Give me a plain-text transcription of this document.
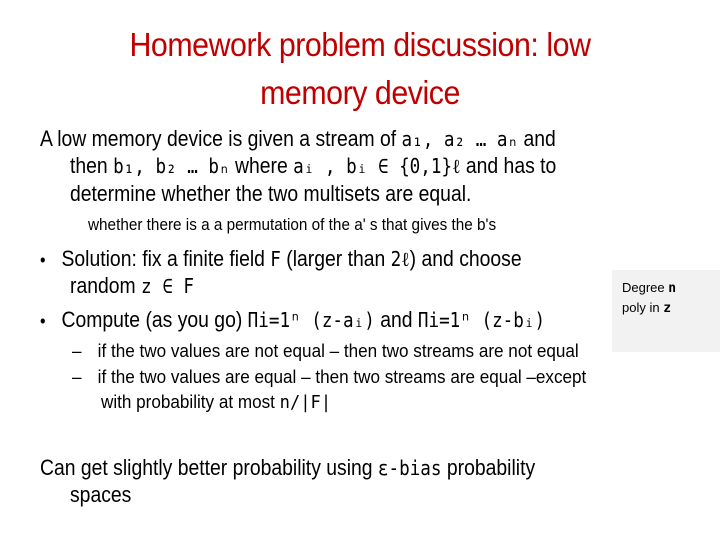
Homework problem discussion: low
memory device
A low memory device is given a stream of a₁, a₂ … aₙ and
then b₁, b₂ … bₙ where aᵢ , bᵢ ∈ {0,1}ℓ and has to
determine whether the two multisets are equal.
whether there is a a permutation of the a' s that gives the b's
• Solution: fix a finite field F (larger than 2ℓ) and choose
random z ∈ F
• Compute (as you go) Πi=1ⁿ (z-aᵢ) and Πi=1ⁿ (z-bᵢ)
Degree n
poly in z
– if the two values are not equal – then two streams are not equal
– if the two values are equal – then two streams are equal –except
with probability at most n/|F|
Can get slightly better probability using ε-bias probability
spaces
